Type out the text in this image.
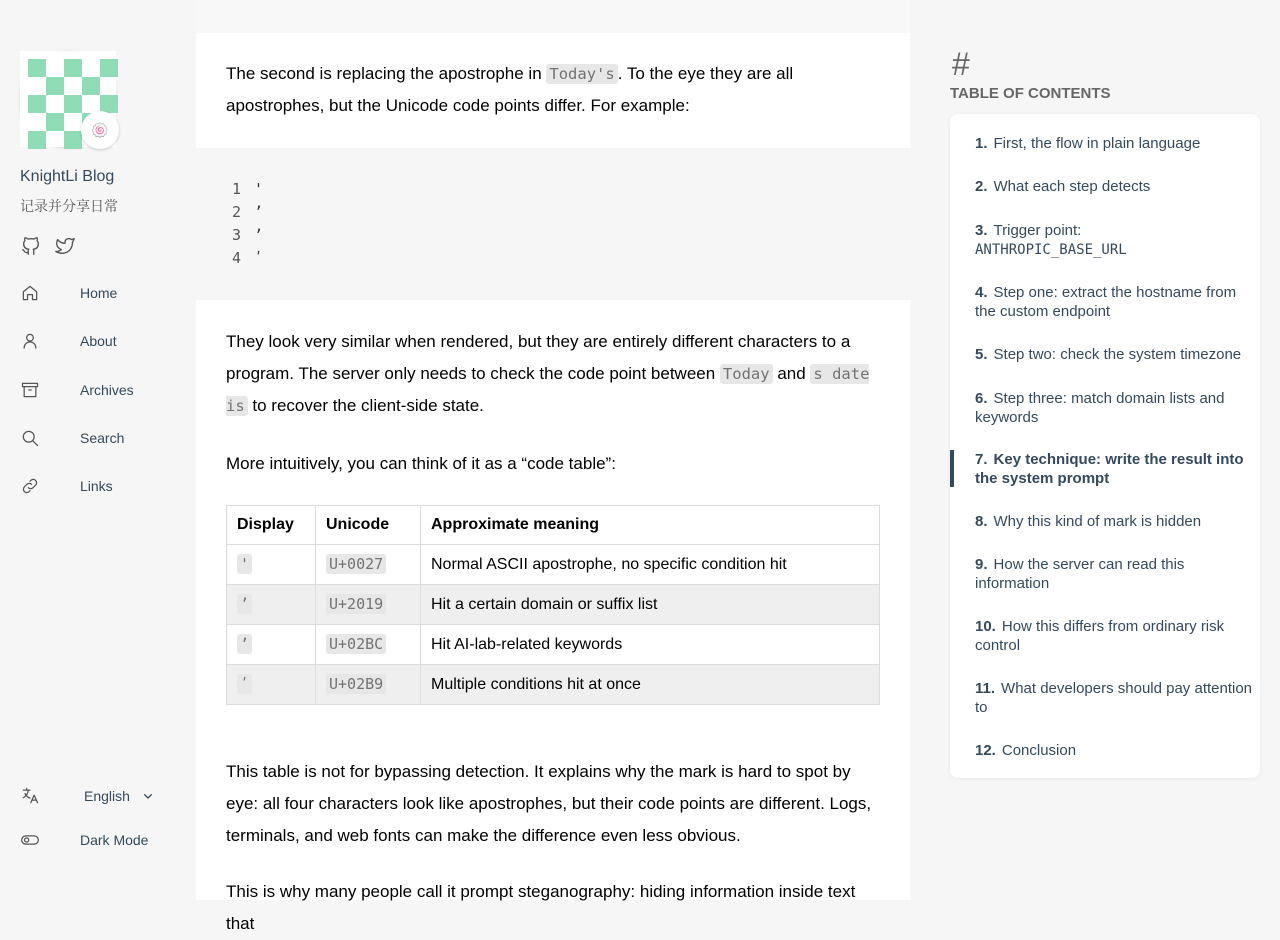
🍥
KnightLi Blog
记录并分享日常
Home
About
Archives
Search
Links
English
Dark Mode

The second is replacing the apostrophe in Today's . To the eye they are all apostrophes, but the Unicode code points differ. For example:

1 '
2 ’
3 ʼ
4 ʹ

They look very similar when rendered, but they are entirely different characters to a program. The server only needs to check the code point between Today and s date is to recover the client-side state.

More intuitively, you can think of it as a “code table”:

Display	Unicode	Approximate meaning
'	U+0027	Normal ASCII apostrophe, no specific condition hit
’	U+2019	Hit a certain domain or suffix list
ʼ	U+02BC	Hit AI-lab-related keywords
ʹ	U+02B9	Multiple conditions hit at once

This table is not for bypassing detection. It explains why the mark is hard to spot by eye: all four characters look like apostrophes, but their code points are different. Logs, terminals, and web fonts can make the difference even less obvious.

This is why many people call it prompt steganography: hiding information inside text that

#
TABLE OF CONTENTS
1. First, the flow in plain language
2. What each step detects
3. Trigger point:
ANTHROPIC_BASE_URL
4. Step one: extract the hostname from the custom endpoint
5. Step two: check the system timezone
6. Step three: match domain lists and keywords
7. Key technique: write the result into the system prompt
8. Why this kind of mark is hidden
9. How the server can read this information
10. How this differs from ordinary risk control
11. What developers should pay attention to
12. Conclusion
